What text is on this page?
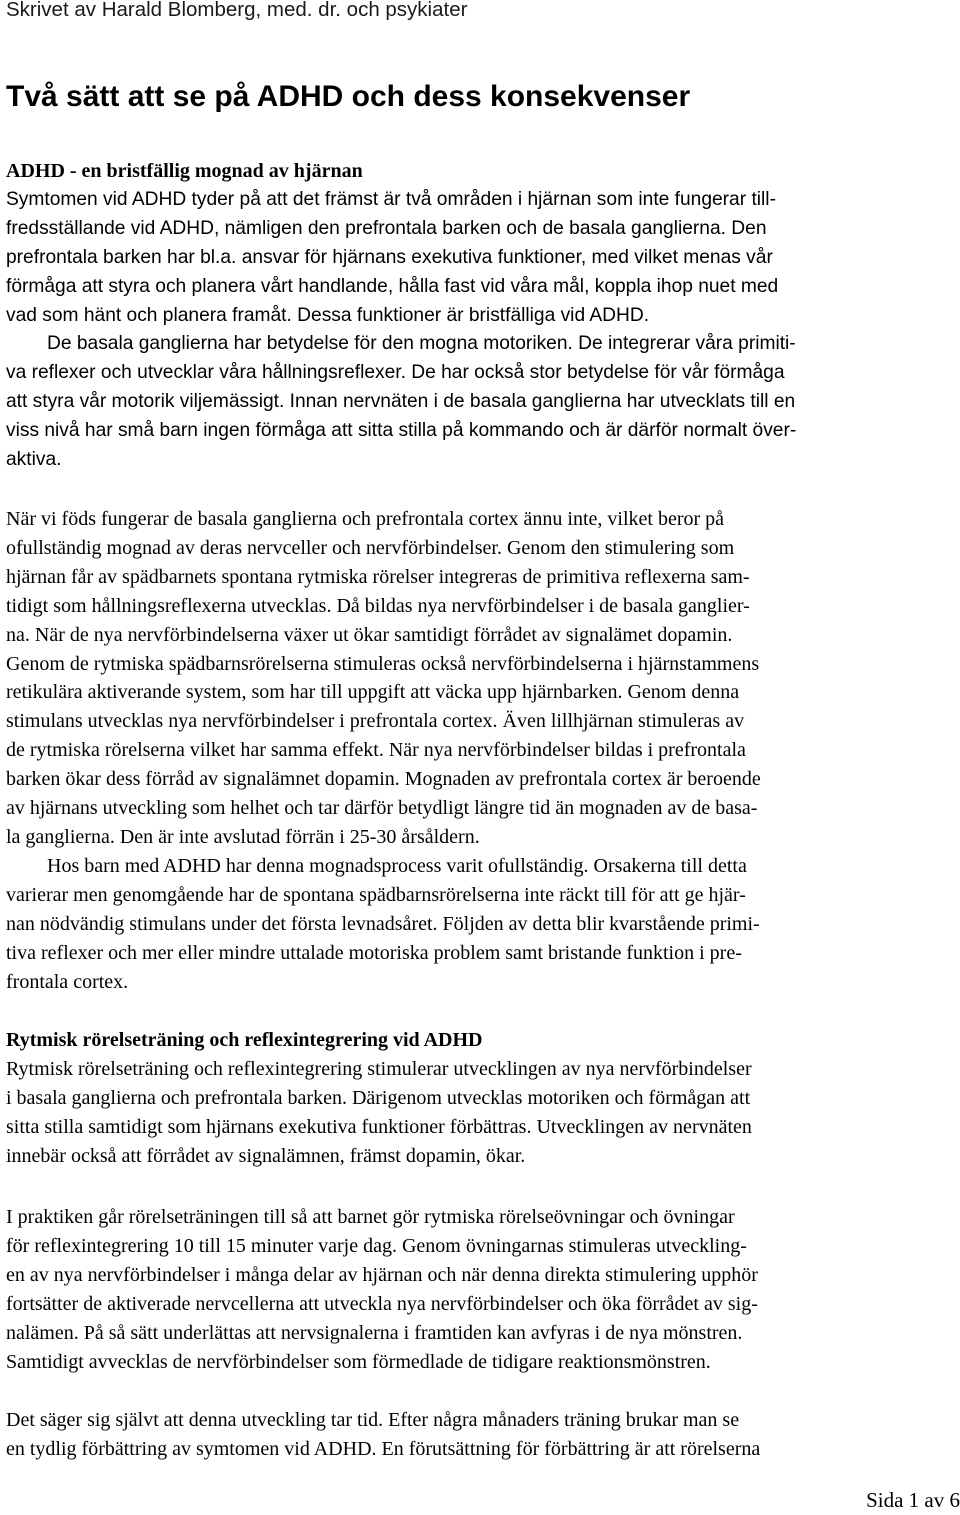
Skrivet av Harald Blomberg, med. dr. och psykiater
Två sätt att se på ADHD och dess konsekvenser
ADHD - en bristfällig mognad av hjärnan
Symtomen vid ADHD tyder på att det främst är två områden i hjärnan som inte fungerar till-
fredsställande vid ADHD, nämligen den prefrontala barken och de basala ganglierna. Den
prefrontala barken har bl.a. ansvar för hjärnans exekutiva funktioner, med vilket menas vår
förmåga att styra och planera vårt handlande, hålla fast vid våra mål, koppla ihop nuet med
vad som hänt och planera framåt. Dessa funktioner är bristfälliga vid ADHD.
De basala ganglierna har betydelse för den mogna motoriken. De integrerar våra primiti-
va reflexer och utvecklar våra hållningsreflexer. De har också stor betydelse för vår förmåga
att styra vår motorik viljemässigt. Innan nervnäten i de basala ganglierna har utvecklats till en
viss nivå har små barn ingen förmåga att sitta stilla på kommando och är därför normalt över-
aktiva.
När vi föds fungerar de basala ganglierna och prefrontala cortex ännu inte, vilket beror på
ofullständig mognad av deras nervceller och nervförbindelser. Genom den stimulering som
hjärnan får av spädbarnets spontana rytmiska rörelser integreras de primitiva reflexerna sam-
tidigt som hållningsreflexerna utvecklas. Då bildas nya nervförbindelser i de basala ganglier-
na. När de nya nervförbindelserna växer ut ökar samtidigt förrådet av signalämet dopamin.
Genom de rytmiska spädbarnsrörelserna stimuleras också nervförbindelserna i hjärnstammens
retikulära aktiverande system, som har till uppgift att väcka upp hjärnbarken. Genom denna
stimulans utvecklas nya nervförbindelser i prefrontala cortex. Även lillhjärnan stimuleras av
de rytmiska rörelserna vilket har samma effekt. När nya nervförbindelser bildas i prefrontala
barken ökar dess förråd av signalämnet dopamin. Mognaden av prefrontala cortex är beroende
av hjärnans utveckling som helhet och tar därför betydligt längre tid än mognaden av de basa-
la ganglierna. Den är inte avslutad förrän i 25-30 årsåldern.
Hos barn med ADHD har denna mognadsprocess varit ofullständig. Orsakerna till detta
varierar men genomgående har de spontana spädbarnsrörelserna inte räckt till för att ge hjär-
nan nödvändig stimulans under det första levnadsåret. Följden av detta blir kvarstående primi-
tiva reflexer och mer eller mindre uttalade motoriska problem samt bristande funktion i pre-
frontala cortex.
Rytmisk rörelseträning och reflexintegrering vid ADHD
Rytmisk rörelseträning och reflexintegrering stimulerar utvecklingen av nya nervförbindelser
i basala ganglierna och prefrontala barken. Därigenom utvecklas motoriken och förmågan att
sitta stilla samtidigt som hjärnans exekutiva funktioner förbättras. Utvecklingen av nervnäten
innebär också att förrådet av signalämnen, främst dopamin, ökar.
I praktiken går rörelseträningen till så att barnet gör rytmiska rörelseövningar och övningar
för reflexintegrering 10 till 15 minuter varje dag. Genom övningarnas stimuleras utveckling-
en av nya nervförbindelser i många delar av hjärnan och när denna direkta stimulering upphör
fortsätter de aktiverade nervcellerna att utveckla nya nervförbindelser och öka förrådet av sig-
nalämen. På så sätt underlättas att nervsignalerna i framtiden kan avfyras i de nya mönstren.
Samtidigt avvecklas de nervförbindelser som förmedlade de tidigare reaktionsmönstren.
Det säger sig självt att denna utveckling tar tid. Efter några månaders träning brukar man se
en tydlig förbättring av symtomen vid ADHD. En förutsättning för förbättring är att rörelserna
Sida 1 av 6
